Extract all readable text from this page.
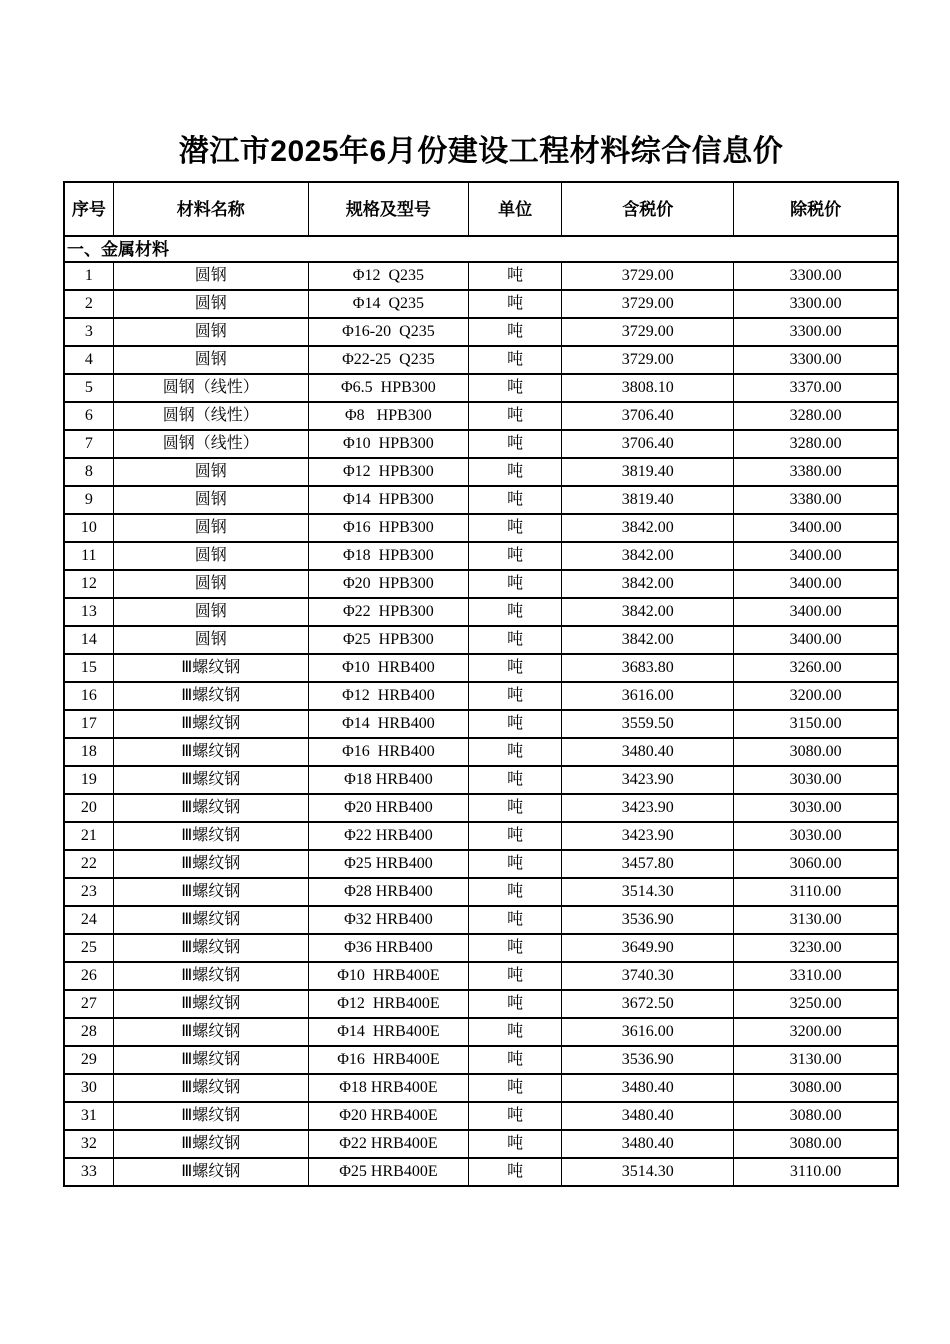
潜江市2025年6月份建设工程材料综合信息价
序号	材料名称	规格及型号	单位	含税价	除税价
一、金属材料					
1	圆钢	Φ12  Q235	吨	3729.00	3300.00
2	圆钢	Φ14  Q235	吨	3729.00	3300.00
3	圆钢	Φ16-20  Q235	吨	3729.00	3300.00
4	圆钢	Φ22-25  Q235	吨	3729.00	3300.00
5	圆钢（线性）	Φ6.5  HPB300	吨	3808.10	3370.00
6	圆钢（线性）	Φ8   HPB300	吨	3706.40	3280.00
7	圆钢（线性）	Φ10  HPB300	吨	3706.40	3280.00
8	圆钢	Φ12  HPB300	吨	3819.40	3380.00
9	圆钢	Φ14  HPB300	吨	3819.40	3380.00
10	圆钢	Φ16  HPB300	吨	3842.00	3400.00
11	圆钢	Φ18  HPB300	吨	3842.00	3400.00
12	圆钢	Φ20  HPB300	吨	3842.00	3400.00
13	圆钢	Φ22  HPB300	吨	3842.00	3400.00
14	圆钢	Φ25  HPB300	吨	3842.00	3400.00
15	Ⅲ螺纹钢	Φ10  HRB400	吨	3683.80	3260.00
16	Ⅲ螺纹钢	Φ12  HRB400	吨	3616.00	3200.00
17	Ⅲ螺纹钢	Φ14  HRB400	吨	3559.50	3150.00
18	Ⅲ螺纹钢	Φ16  HRB400	吨	3480.40	3080.00
19	Ⅲ螺纹钢	Φ18 HRB400	吨	3423.90	3030.00
20	Ⅲ螺纹钢	Φ20 HRB400	吨	3423.90	3030.00
21	Ⅲ螺纹钢	Φ22 HRB400	吨	3423.90	3030.00
22	Ⅲ螺纹钢	Φ25 HRB400	吨	3457.80	3060.00
23	Ⅲ螺纹钢	Φ28 HRB400	吨	3514.30	3110.00
24	Ⅲ螺纹钢	Φ32 HRB400	吨	3536.90	3130.00
25	Ⅲ螺纹钢	Φ36 HRB400	吨	3649.90	3230.00
26	Ⅲ螺纹钢	Φ10  HRB400E	吨	3740.30	3310.00
27	Ⅲ螺纹钢	Φ12  HRB400E	吨	3672.50	3250.00
28	Ⅲ螺纹钢	Φ14  HRB400E	吨	3616.00	3200.00
29	Ⅲ螺纹钢	Φ16  HRB400E	吨	3536.90	3130.00
30	Ⅲ螺纹钢	Φ18 HRB400E	吨	3480.40	3080.00
31	Ⅲ螺纹钢	Φ20 HRB400E	吨	3480.40	3080.00
32	Ⅲ螺纹钢	Φ22 HRB400E	吨	3480.40	3080.00
33	Ⅲ螺纹钢	Φ25 HRB400E	吨	3514.30	3110.00
